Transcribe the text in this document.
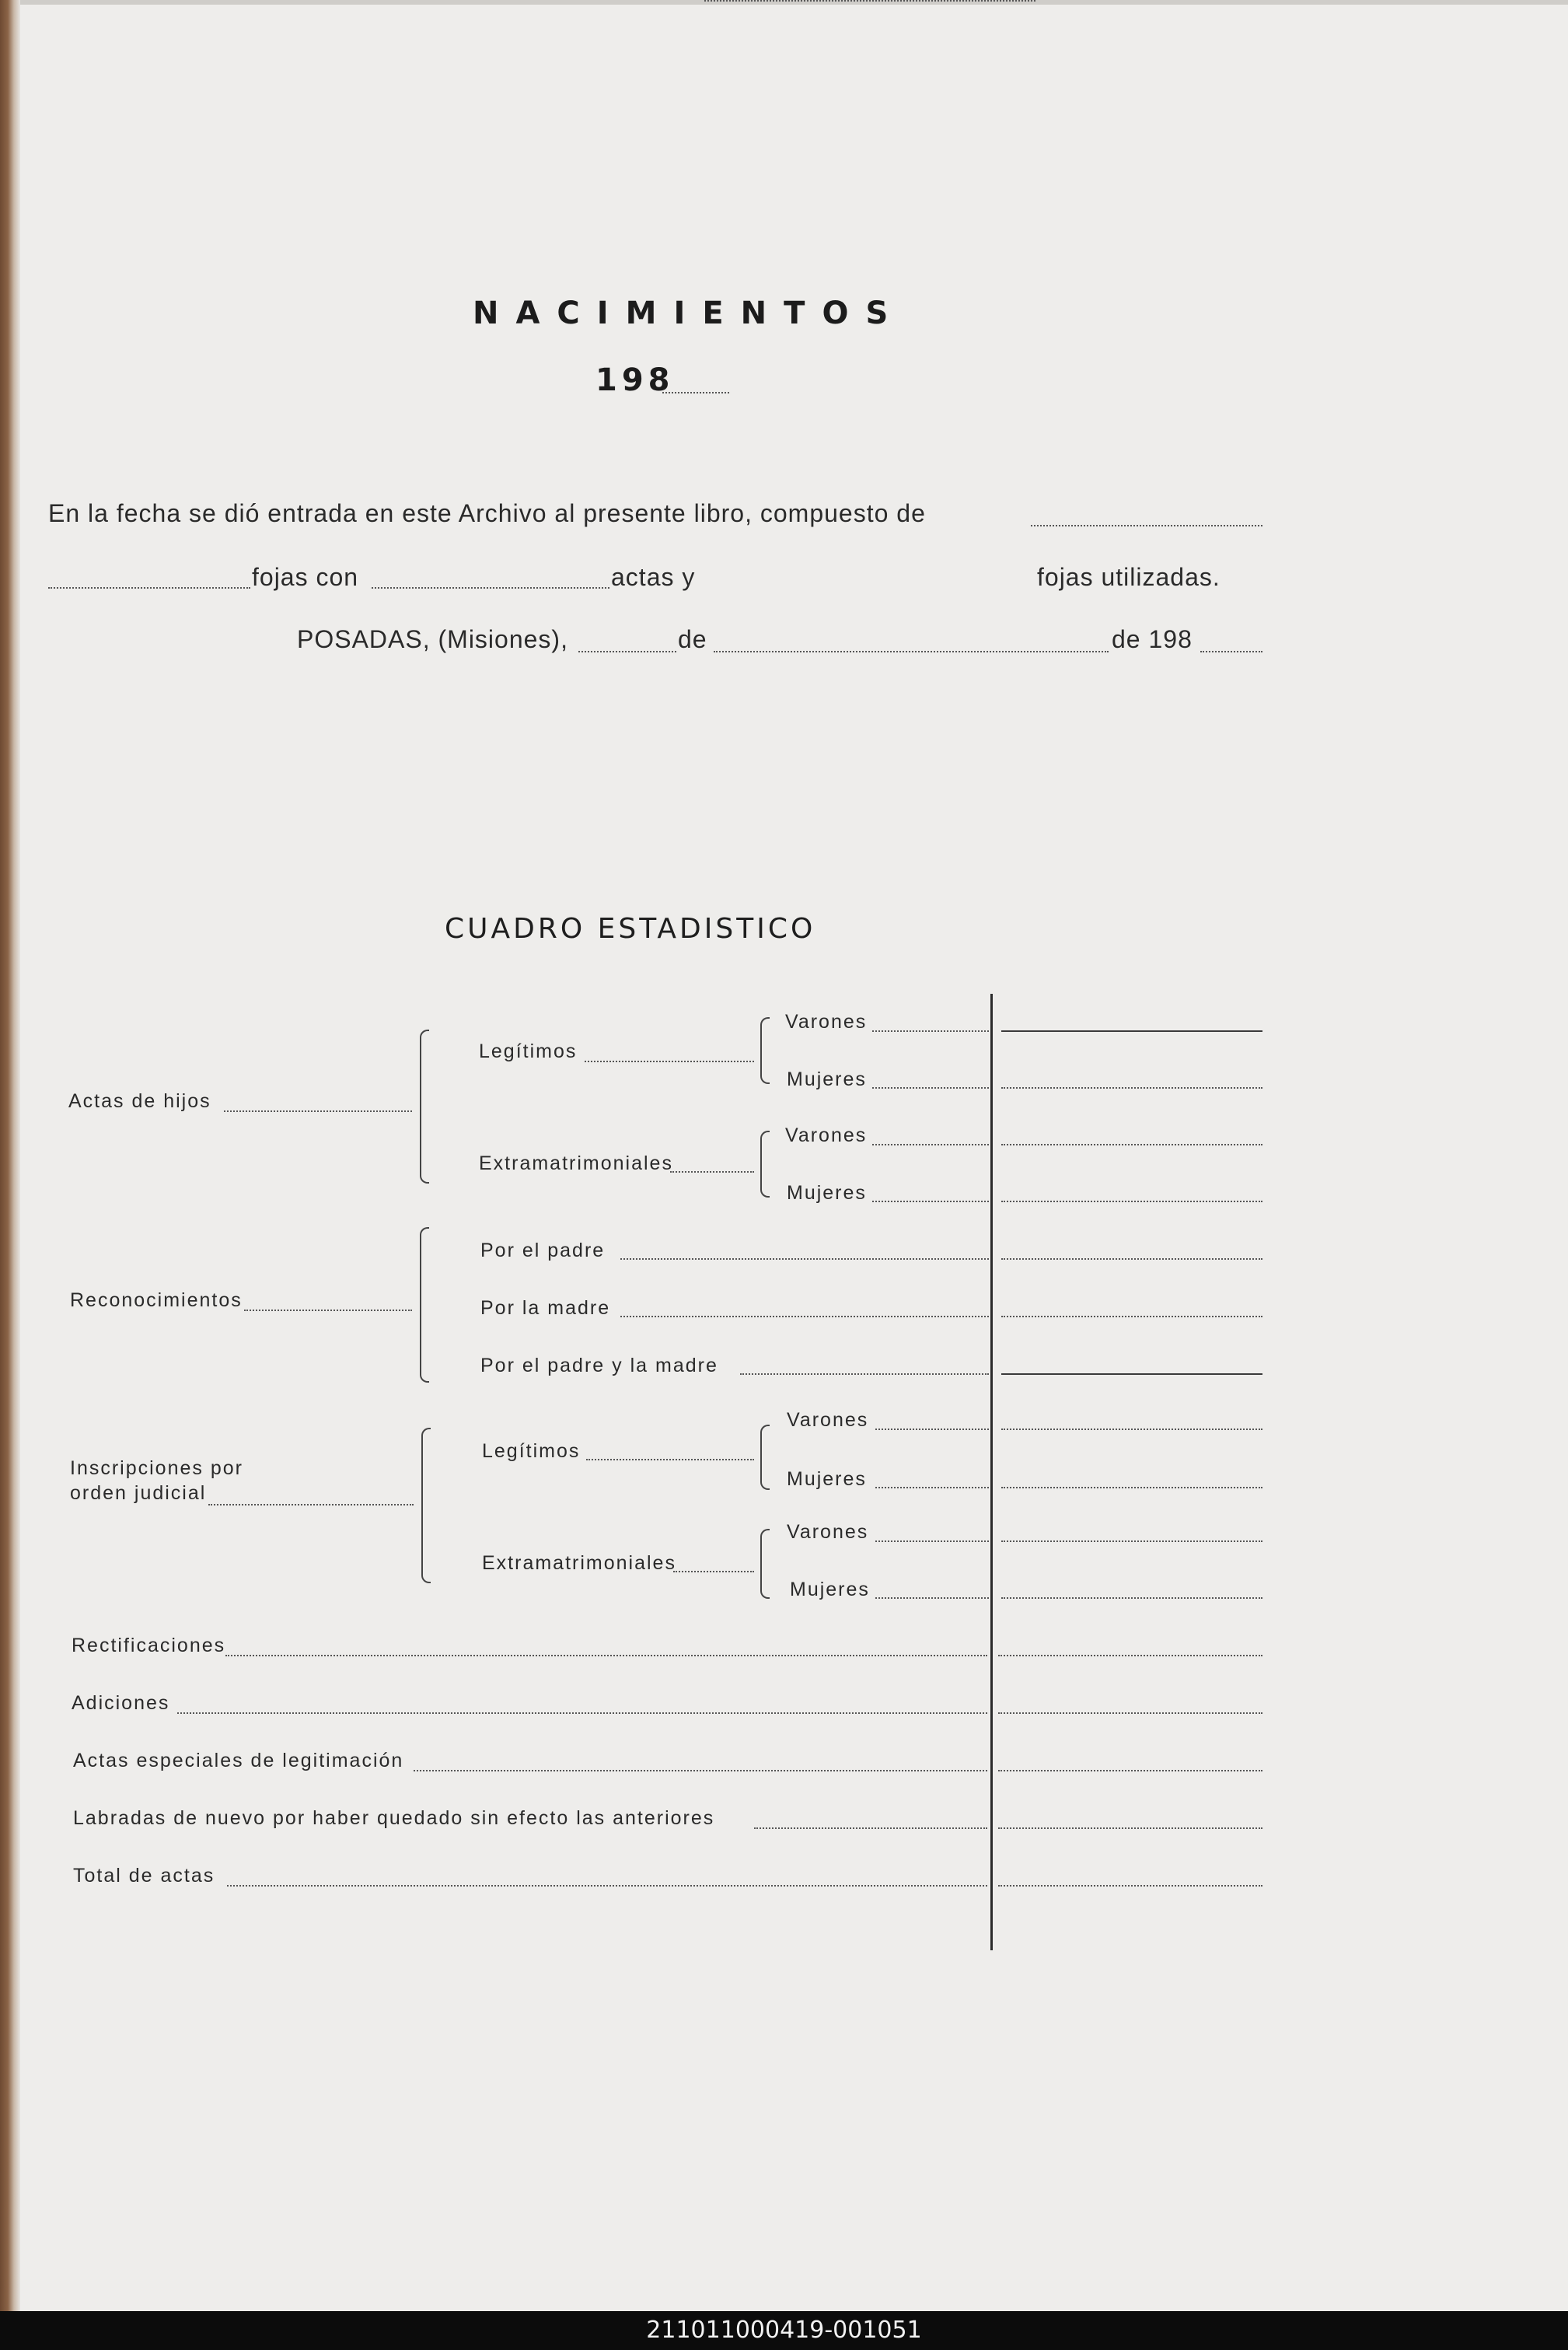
NACIMIENTOS
198
En la fecha se dió entrada en este Archivo al presente libro, compuesto de
fojas con	actas y	fojas utilizadas.
POSADAS, (Misiones),	de	de 198
CUADRO ESTADISTICO
Actas de hijos
Legítimos
Varones
Mujeres
Extramatrimoniales
Varones
Mujeres
Reconocimientos
Por el padre
Por la madre
Por el padre y la madre
Inscripciones por
orden judicial
Legítimos
Varones
Mujeres
Extramatrimoniales
Varones
Mujeres
Rectificaciones
Adiciones
Actas especiales de legitimación
Labradas de nuevo por haber quedado sin efecto las anteriores
Total de actas
211011000419-001051
